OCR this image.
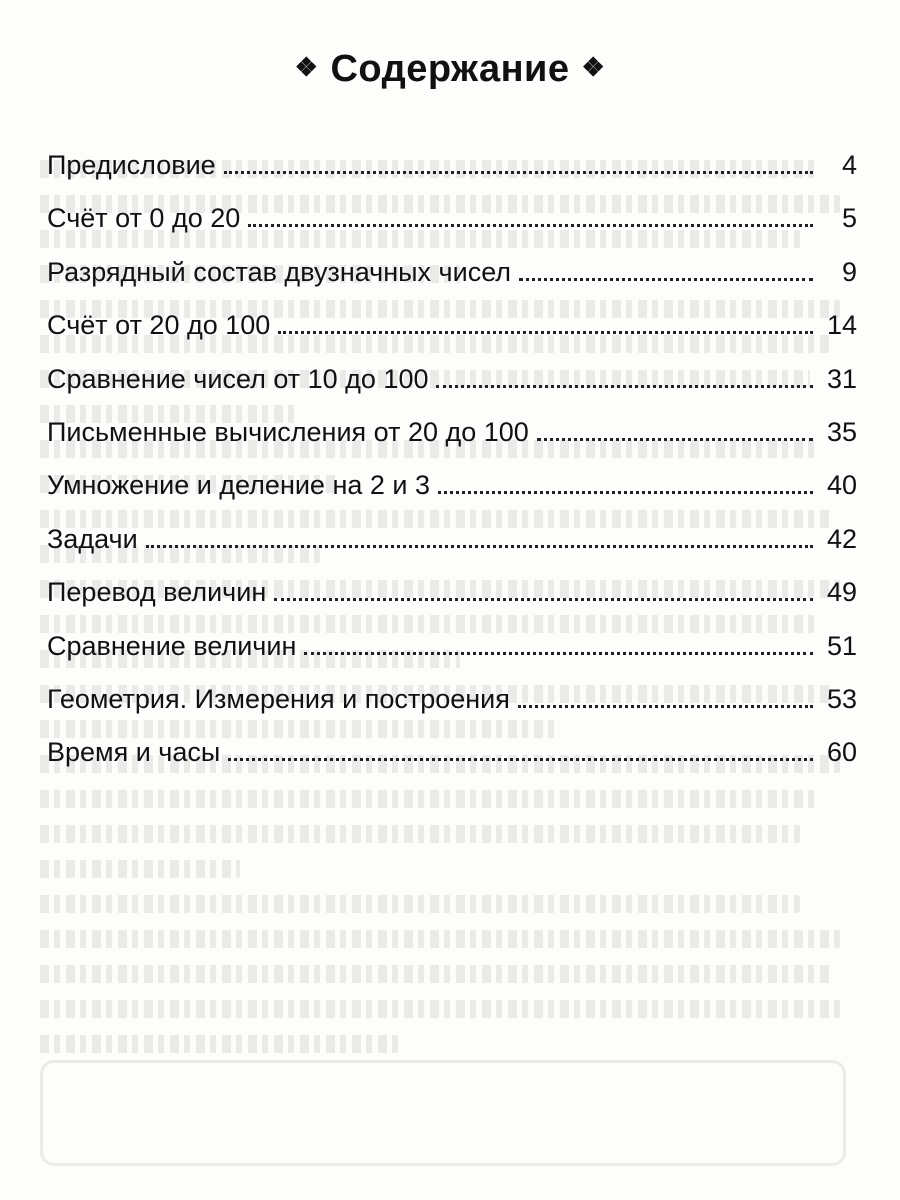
❖ Содержание ❖
Предисловие	4
Счёт от 0 до 20	5
Разрядный состав двузначных чисел	9
Счёт от 20 до 100	14
Сравнение чисел от 10 до 100	31
Письменные вычисления от 20 до 100	35
Умножение и деление на 2 и 3	40
Задачи	42
Перевод величин	49
Сравнение величин	51
Геометрия. Измерения и построения	53
Время и часы	60
